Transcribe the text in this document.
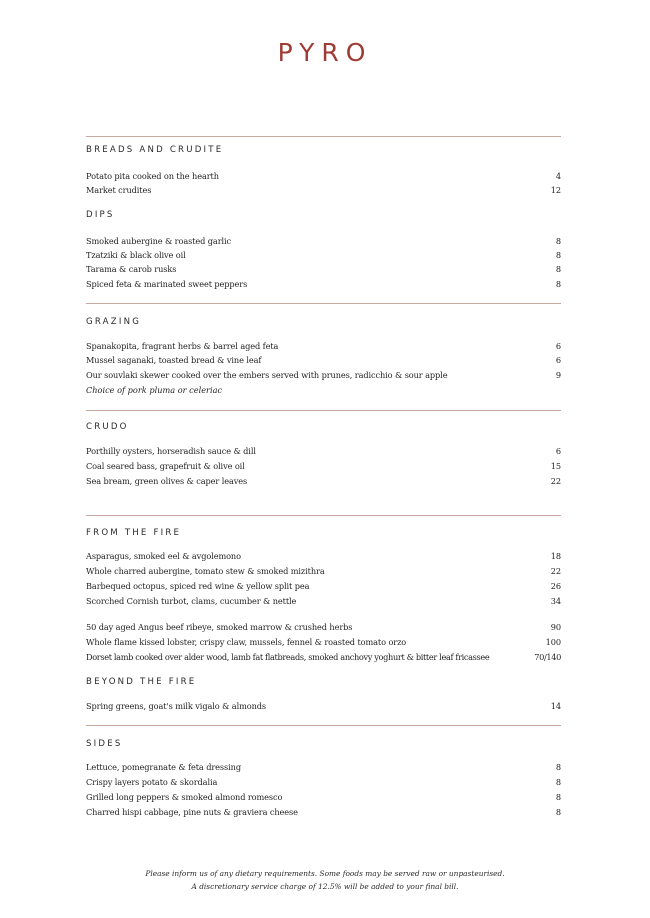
PYRO
BREADS AND CRUDITE
Potato pita cooked on the hearth	4
Market crudites	12
DIPS
Smoked aubergine & roasted garlic	8
Tzatziki & black olive oil	8
Tarama & carob rusks	8
Spiced feta & marinated sweet peppers	8
GRAZING
Spanakopita, fragrant herbs & barrel aged feta	6
Mussel saganaki, toasted bread & vine leaf	6
Our souvlaki skewer cooked over the embers served with prunes, radicchio & sour apple	9
Choice of pork pluma or celeriac
CRUDO
Porthilly oysters, horseradish sauce & dill	6
Coal seared bass, grapefruit & olive oil	15
Sea bream, green olives & caper leaves	22
FROM THE FIRE
Asparagus, smoked eel & avgolemono	18
Whole charred aubergine, tomato stew & smoked mizithra	22
Barbequed octopus, spiced red wine & yellow split pea	26
Scorched Cornish turbot, clams, cucumber & nettle	34
50 day aged Angus beef ribeye, smoked marrow & crushed herbs	90
Whole flame kissed lobster, crispy claw, mussels, fennel & roasted tomato orzo	100
Dorset lamb cooked over alder wood, lamb fat flatbreads, smoked anchovy yoghurt & bitter leaf fricassee	70/140
BEYOND THE FIRE
Spring greens, goat's milk vigalo & almonds	14
SIDES
Lettuce, pomegranate & feta dressing	8
Crispy layers potato & skordalia	8
Grilled long peppers & smoked almond romesco	8
Charred hispi cabbage, pine nuts & graviera cheese	8
Please inform us of any dietary requirements. Some foods may be served raw or unpasteurised.
A discretionary service charge of 12.5% will be added to your final bill.
